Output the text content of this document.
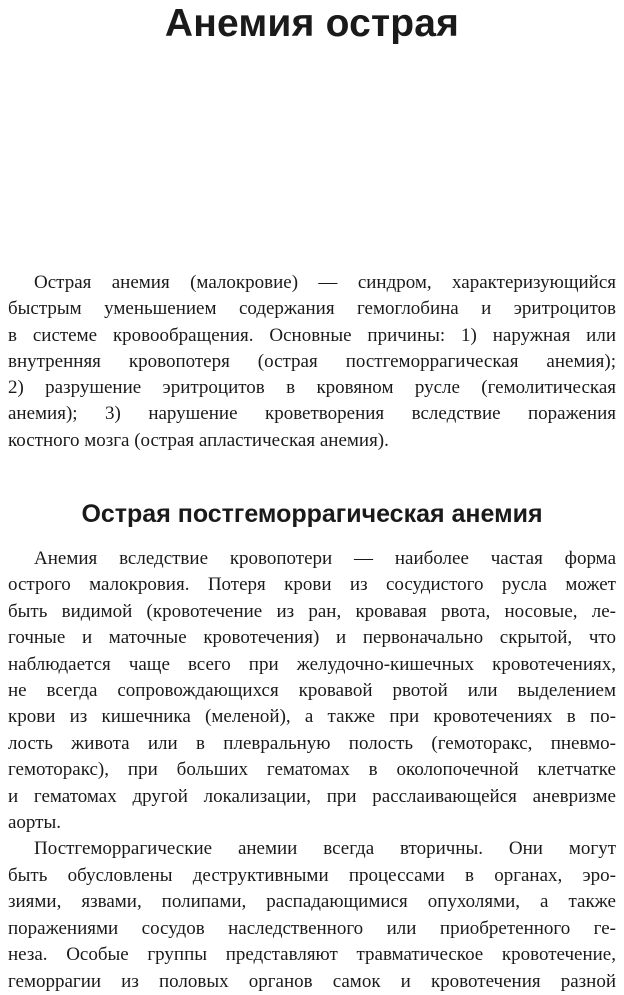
Анемия острая

Острая анемия (малокровие) — синдром, характеризующийся
быстрым уменьшением содержания гемоглобина и эритроцитов
в системе кровообращения. Основные причины: 1) наружная или
внутренняя кровопотеря (острая постгеморрагическая анемия);
2) разрушение эритроцитов в кровяном русле (гемолитическая
анемия); 3) нарушение кроветворения вследствие поражения
костного мозга (острая апластическая анемия).

Острая постгеморрагическая анемия

Анемия вследствие кровопотери — наиболее частая форма
острого малокровия. Потеря крови из сосудистого русла может
быть видимой (кровотечение из ран, кровавая рвота, носовые, ле-
гочные и маточные кровотечения) и первоначально скрытой, что
наблюдается чаще всего при желудочно-кишечных кровотечениях,
не всегда сопровождающихся кровавой рвотой или выделением
крови из кишечника (меленой), а также при кровотечениях в по-
лость живота или в плевральную полость (гемоторакс, пневмо-
гемоторакс), при больших гематомах в околопочечной клетчатке
и гематомах другой локализации, при расслаивающейся аневризме
аорты.

Постгеморрагические анемии всегда вторичны. Они могут
быть обусловлены деструктивными процессами в органах, эро-
зиями, язвами, полипами, распадающимися опухолями, а также
поражениями сосудов наследственного или приобретенного ге-
неза. Особые группы представляют травматическое кровотечение,
геморрагии из половых органов самок и кровотечения разной
